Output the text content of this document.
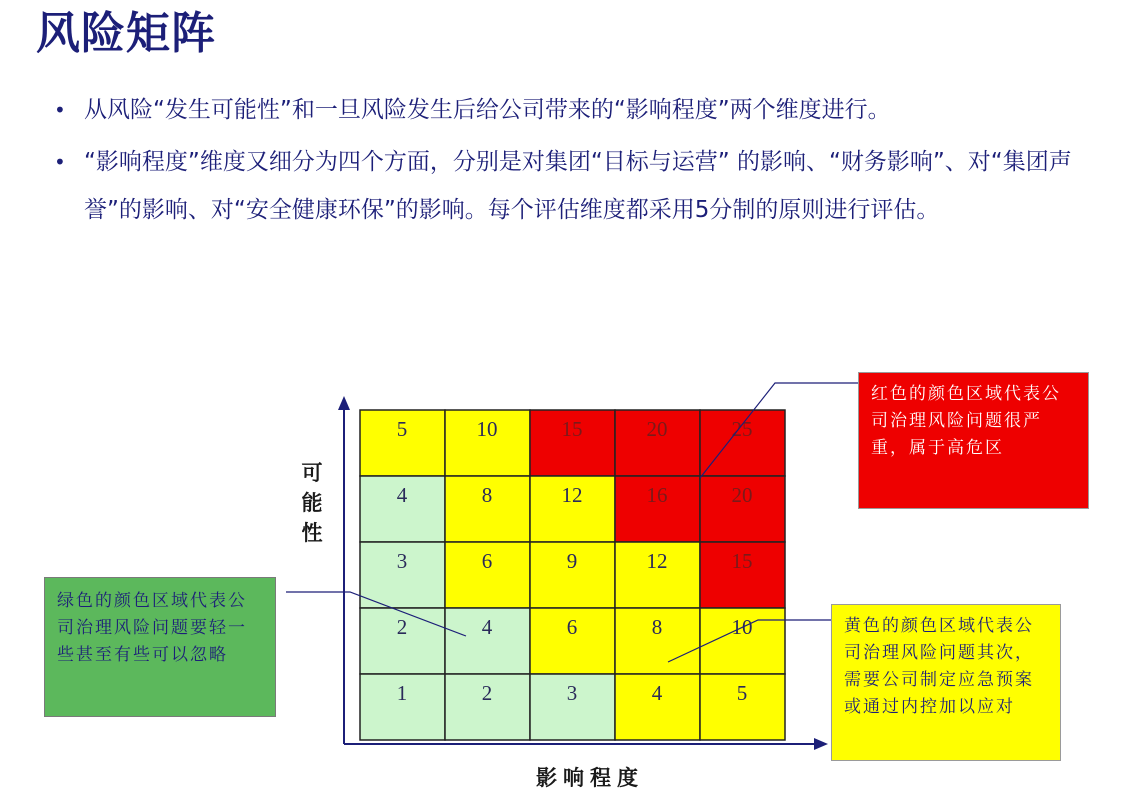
风险矩阵
• 从风险“发生可能性”和一旦风险发生后给公司带来的“影响程度”两个维度进行。
• “影响程度”维度又细分为四个方面，分别是对集团“目标与运营” 的影响、“财务影响”、对“集团声誉”的影响、对“安全健康环保”的影响。每个评估维度都采用5分制的原则进行评估。
5	10	15	20	25
4	8	12	16	20
3	6	9	12	15
2	4	6	8	10
1	2	3	4	5
可
能
性
影响程度
红色的颜色区域代表公司治理风险问题很严重，属于高危区
绿色的颜色区域代表公司治理风险问题要轻一些甚至有些可以忽略
黄色的颜色区域代表公司治理风险问题其次，需要公司制定应急预案或通过内控加以应对
